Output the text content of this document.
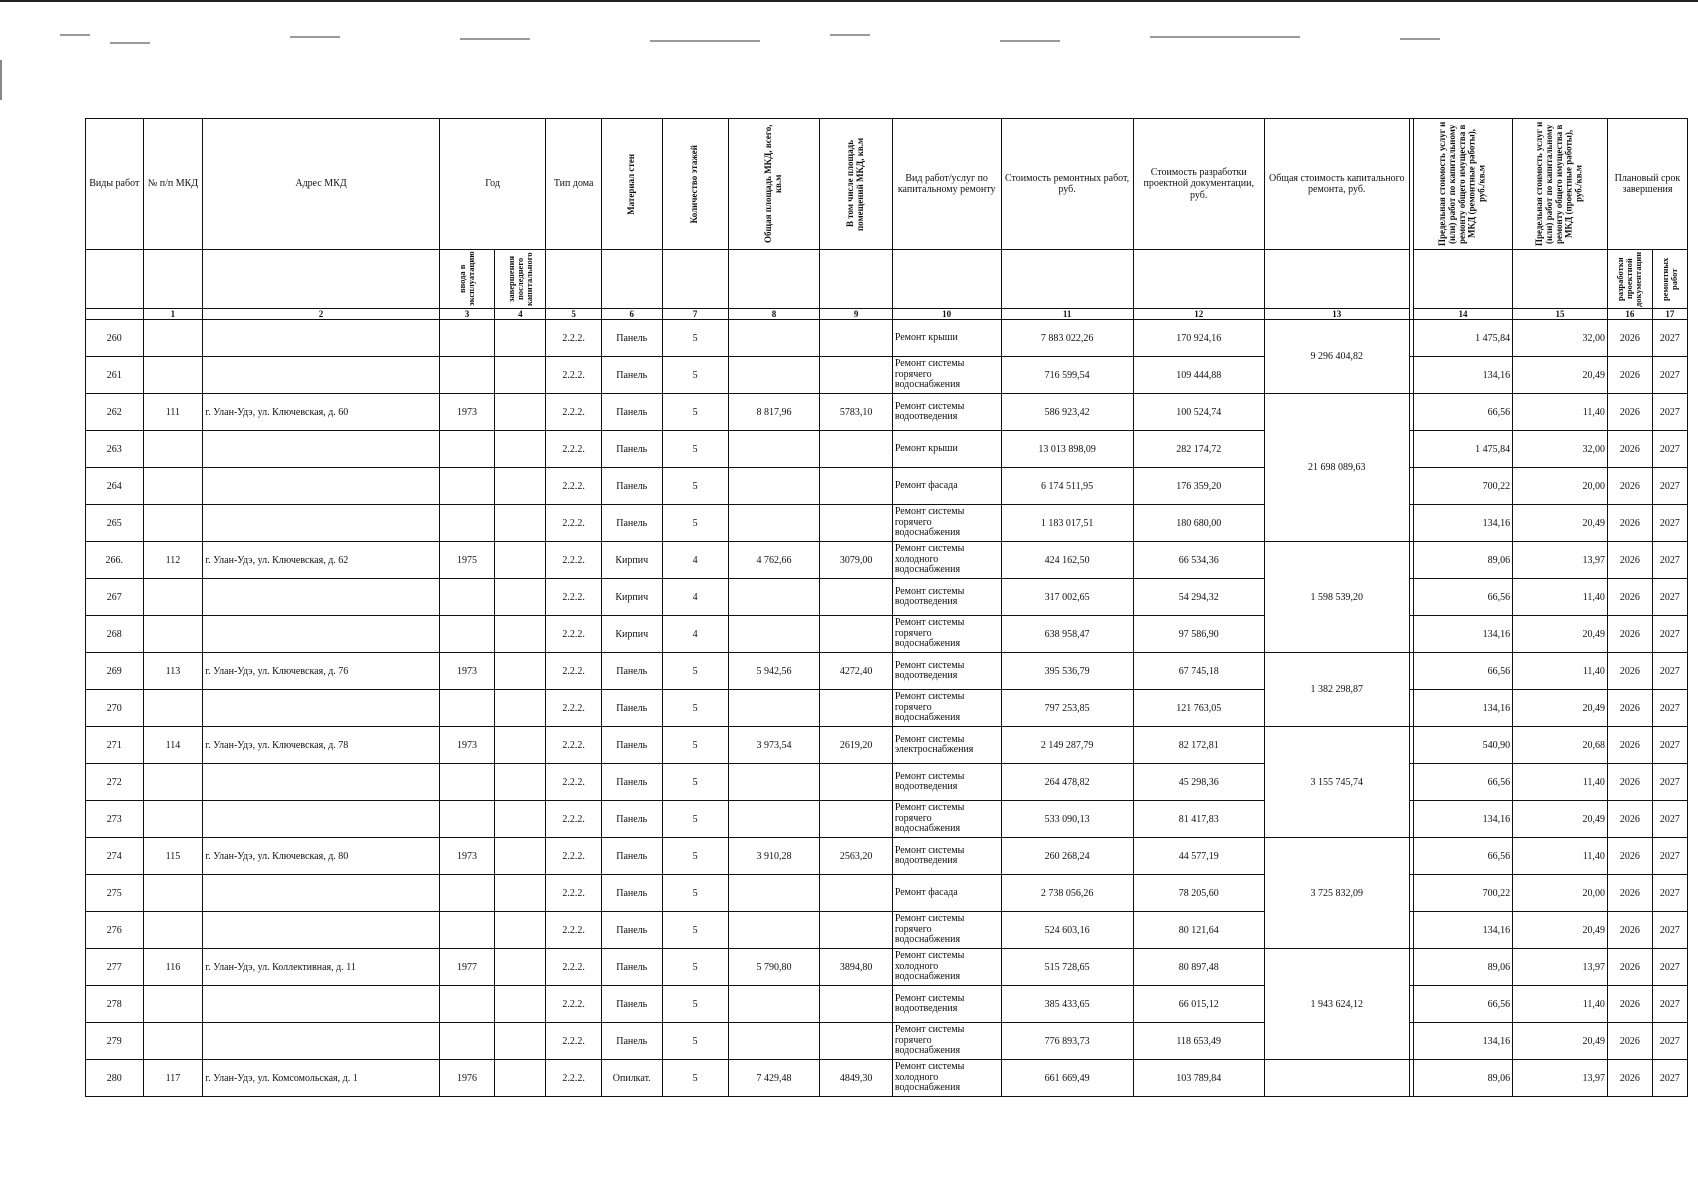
Виды работ	№ п/п МКД	Адрес МКД	Год		Тип дома	Материал стен	Количество этажей	Общая площадь МКД, всего, кв.м	В том числе площадь помещений МКД, кв.м	Вид работ/услуг по капитальному ремонту	Стоимость ремонтных работ, руб.	Стоимость разработки проектной документации, руб.	Общая стоимость капитального ремонта, руб.		Предельная стоимость услуг и (или) работ по капитальному ремонту общего имущества в МКД (ремонтные работы), руб./кв.м	Предельная стоимость услуг и (или) работ по капитальному ремонту общего имущества в МКД (проектные работы), руб./кв.м	Плановый срок завершения	

			ввода в эксплуатацию	завершения последнего капитального													разработки проектной документации	ремонтных работ

	1	2	3	4	5	6	7	8	9	10	11	12	13		14	15	16	17
260					2.2.2.	Панель	5			Ремонт крыши	7 883 022,26	170 924,16	9 296 404,82		1 475,84	32,00	2026	2027
261					2.2.2.	Панель	5			Ремонт системы горячего водоснабжения	716 599,54	109 444,88			134,16	20,49	2026	2027
262	111	г. Улан-Удэ, ул. Ключевская, д. 60	1973		2.2.2.	Панель	5	8 817,96	5783,10	Ремонт системы водоотведения	586 923,42	100 524,74	21 698 089,63		66,56	11,40	2026	2027
263					2.2.2.	Панель	5			Ремонт крыши	13 013 898,09	282 174,72			1 475,84	32,00	2026	2027
264					2.2.2.	Панель	5			Ремонт фасада	6 174 511,95	176 359,20			700,22	20,00	2026	2027
265					2.2.2.	Панель	5			Ремонт системы горячего водоснабжения	1 183 017,51	180 680,00			134,16	20,49	2026	2027
266.	112	г. Улан-Удэ, ул. Ключевская, д. 62	1975		2.2.2.	Кирпич	4	4 762,66	3079,00	Ремонт системы холодного водоснабжения	424 162,50	66 534,36	1 598 539,20		89,06	13,97	2026	2027
267					2.2.2.	Кирпич	4			Ремонт системы водоотведения	317 002,65	54 294,32			66,56	11,40	2026	2027
268					2.2.2.	Кирпич	4			Ремонт системы горячего водоснабжения	638 958,47	97 586,90			134,16	20,49	2026	2027
269	113	г. Улан-Удэ, ул. Ключевская, д. 76	1973		2.2.2.	Панель	5	5 942,56	4272,40	Ремонт системы водоотведения	395 536,79	67 745,18	1 382 298,87		66,56	11,40	2026	2027
270					2.2.2.	Панель	5			Ремонт системы горячего водоснабжения	797 253,85	121 763,05			134,16	20,49	2026	2027
271	114	г. Улан-Удэ, ул. Ключевская, д. 78	1973		2.2.2.	Панель	5	3 973,54	2619,20	Ремонт системы электроснабжения	2 149 287,79	82 172,81	3 155 745,74		540,90	20,68	2026	2027
272					2.2.2.	Панель	5			Ремонт системы водоотведения	264 478,82	45 298,36			66,56	11,40	2026	2027
273					2.2.2.	Панель	5			Ремонт системы горячего водоснабжения	533 090,13	81 417,83			134,16	20,49	2026	2027
274	115	г. Улан-Удэ, ул. Ключевская, д. 80	1973		2.2.2.	Панель	5	3 910,28	2563,20	Ремонт системы водоотведения	260 268,24	44 577,19	3 725 832,09		66,56	11,40	2026	2027
275					2.2.2.	Панель	5			Ремонт фасада	2 738 056,26	78 205,60			700,22	20,00	2026	2027
276					2.2.2.	Панель	5			Ремонт системы горячего водоснабжения	524 603,16	80 121,64			134,16	20,49	2026	2027
277	116	г. Улан-Удэ, ул. Коллективная, д. 11	1977		2.2.2.	Панель	5	5 790,80	3894,80	Ремонт системы холодного водоснабжения	515 728,65	80 897,48	1 943 624,12		89,06	13,97	2026	2027
278					2.2.2.	Панель	5			Ремонт системы водоотведения	385 433,65	66 015,12			66,56	11,40	2026	2027
279					2.2.2.	Панель	5			Ремонт системы горячего водоснабжения	776 893,73	118 653,49			134,16	20,49	2026	2027
280	117	г. Улан-Удэ, ул. Комсомольская, д. 1	1976		2.2.2.	Опилкат.	5	7 429,48	4849,30	Ремонт системы холодного водоснабжения	661 669,49	103 789,84			89,06	13,97	2026	2027
